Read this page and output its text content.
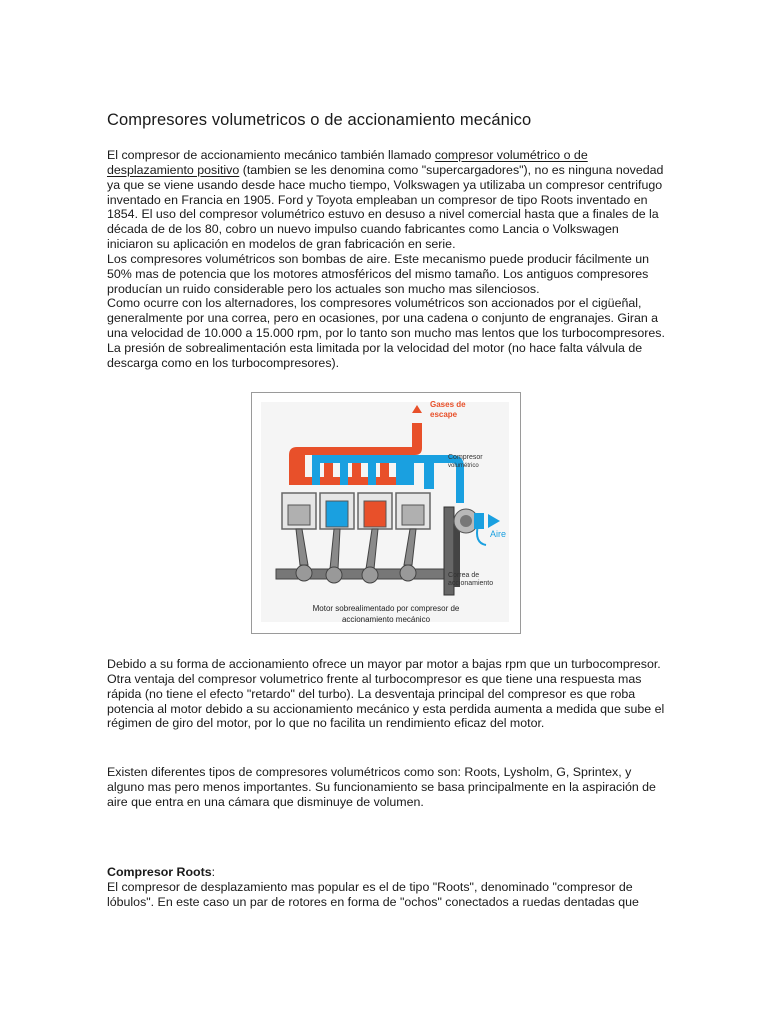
Compresores volumetricos o de accionamiento mecánico

El compresor de accionamiento mecánico también llamado compresor volumétrico o de desplazamiento positivo (tambien se les denomina como "supercargadores"), no es ninguna novedad ya que se viene usando desde hace mucho tiempo, Volkswagen ya utilizaba un compresor centrifugo inventado en Francia en 1905. Ford y Toyota empleaban un compresor de tipo Roots inventado en 1854. El uso del compresor volumétrico estuvo en desuso a nivel comercial hasta que a finales de la década de de los 80, cobro un nuevo impulso cuando fabricantes como Lancia o Volkswagen iniciaron su aplicación en modelos de gran fabricación en serie.

Los compresores volumétricos son bombas de aire. Este mecanismo puede producir fácilmente un 50% mas de potencia que los motores atmosféricos del mismo tamaño. Los antiguos compresores producían un ruido considerable pero los actuales son mucho mas silenciosos.

Como ocurre con los alternadores, los compresores volumétricos son accionados por el cigüeñal, generalmente por una correa, pero en ocasiones, por una cadena o conjunto de engranajes. Giran a una velocidad de 10.000 a 15.000 rpm, por lo tanto son mucho mas lentos que los turbocompresores. La presión de sobrealimentación esta limitada por la velocidad del motor (no hace falta válvula de descarga como en los turbocompresores).

Gases de
escape
Compresor
volumétrico
Aire
Correa de
accionamiento
Motor sobrealimentado por compresor de
accionamiento mecánico

Debido a su forma de accionamiento ofrece un mayor par motor a bajas rpm que un turbocompresor. Otra ventaja del compresor volumetrico frente al turbocompresor es que tiene una respuesta mas rápida (no tiene el efecto "retardo" del turbo). La desventaja principal del compresor es que roba potencia al motor debido a su accionamiento mecánico y esta perdida aumenta a medida que sube el régimen de giro del motor, por lo que no facilita un rendimiento eficaz del motor.

Existen diferentes tipos de compresores volumétricos como son: Roots, Lysholm, G, Sprintex, y alguno mas pero menos importantes. Su funcionamiento se basa principalmente en la aspiración de aire que entra en una cámara que disminuye de volumen.

Compresor Roots:

El compresor de desplazamiento mas popular es el de tipo "Roots", denominado "compresor de lóbulos". En este caso un par de rotores en forma de "ochos" conectados a ruedas dentadas que
